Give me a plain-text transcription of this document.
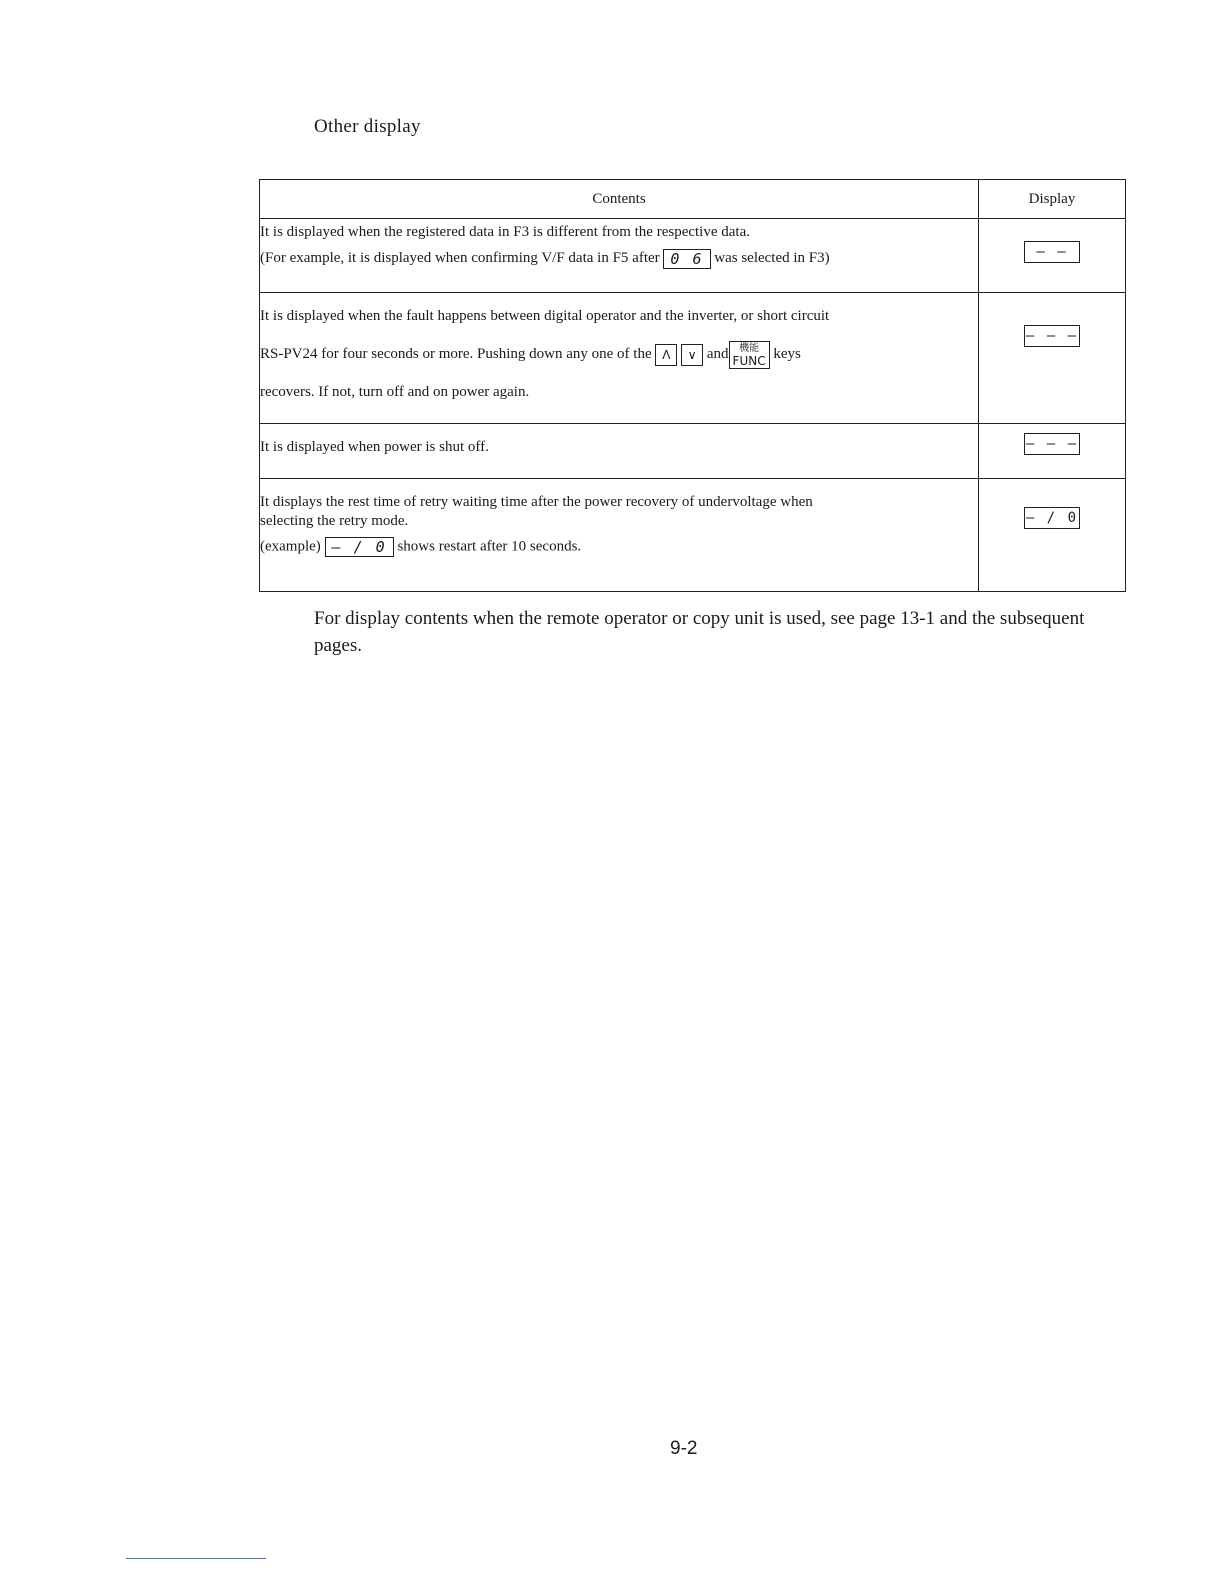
Other display
Contents	Display

It is displayed when the registered data in F3 is different from the respective data.
(For example, it is displayed when confirming V/F data in F5 after 0 6 was selected in F3)	– –

It is displayed when the fault happens between digital operator and the inverter, or short circuit
RS-PV24 for four seconds or more. Pushing down any one of the Λ ∨ and 機能
FUNC keys
recovers. If not, turn off and on power again.	– – –

It is displayed when power is shut off.	– – –

It displays the rest time of retry waiting time after the power recovery of undervoltage when
selecting the retry mode.
(example) – / 0 shows restart after 10 seconds.	– / 0
For display contents when the remote operator or copy unit is used, see page 13-1 and the subsequent pages.
9-2
